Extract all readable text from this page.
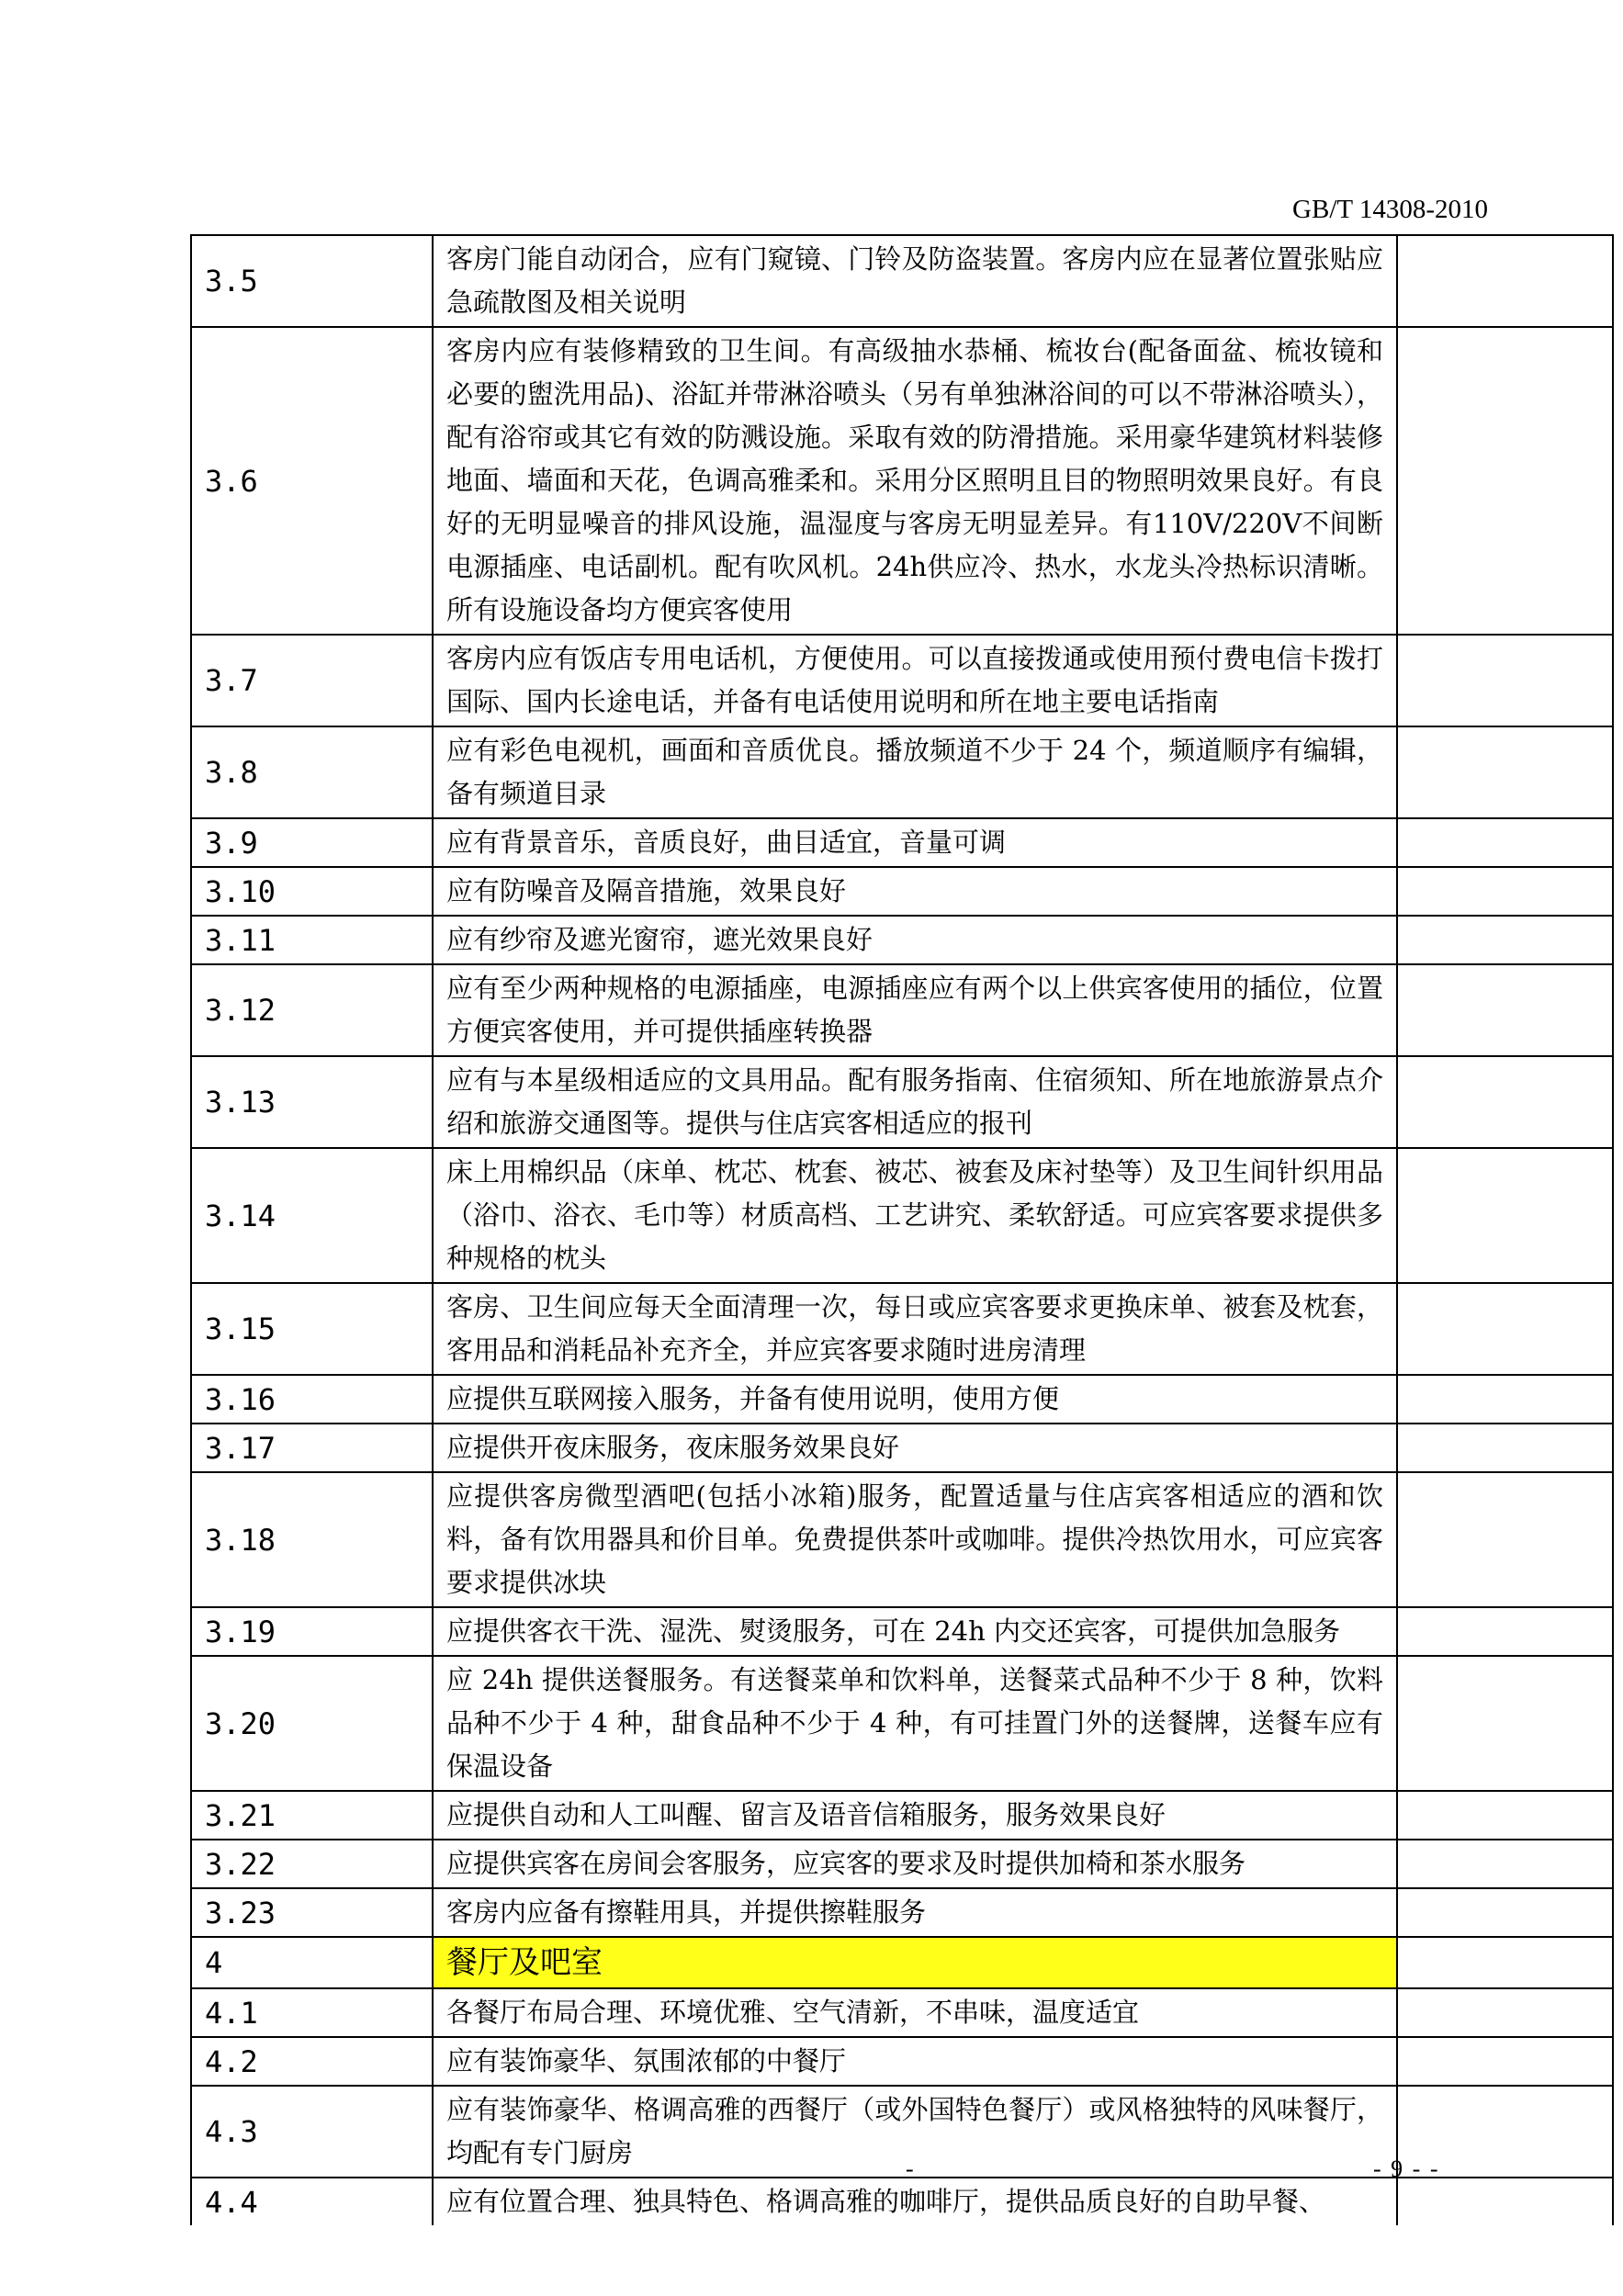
GB/T 14308-2010
3.5	客房门能自动闭合，应有门窥镜、门铃及防盗装置。客房内应在显著位置张贴应急疏散图及相关说明	
3.6	客房内应有装修精致的卫生间。有高级抽水恭桶、梳妆台(配备面盆、梳妆镜和必要的盥洗用品)、浴缸并带淋浴喷头（另有单独淋浴间的可以不带淋浴喷头），配有浴帘或其它有效的防溅设施。采取有效的防滑措施。采用豪华建筑材料装修地面、墙面和天花，色调高雅柔和。采用分区照明且目的物照明效果良好。有良好的无明显噪音的排风设施，温湿度与客房无明显差异。有110V/220V不间断电源插座、电话副机。配有吹风机。24h供应冷、热水，水龙头冷热标识清晰。所有设施设备均方便宾客使用	
3.7	客房内应有饭店专用电话机，方便使用。可以直接拨通或使用预付费电信卡拨打国际、国内长途电话，并备有电话使用说明和所在地主要电话指南	
3.8	应有彩色电视机，画面和音质优良。播放频道不少于 24 个，频道顺序有编辑，备有频道目录	
3.9	应有背景音乐，音质良好，曲目适宜，音量可调	
3.10	应有防噪音及隔音措施，效果良好	
3.11	应有纱帘及遮光窗帘，遮光效果良好	
3.12	应有至少两种规格的电源插座，电源插座应有两个以上供宾客使用的插位，位置方便宾客使用，并可提供插座转换器	
3.13	应有与本星级相适应的文具用品。配有服务指南、住宿须知、所在地旅游景点介绍和旅游交通图等。提供与住店宾客相适应的报刊	
3.14	床上用棉织品（床单、枕芯、枕套、被芯、被套及床衬垫等）及卫生间针织用品（浴巾、浴衣、毛巾等）材质高档、工艺讲究、柔软舒适。可应宾客要求提供多种规格的枕头	
3.15	客房、卫生间应每天全面清理一次，每日或应宾客要求更换床单、被套及枕套，客用品和消耗品补充齐全，并应宾客要求随时进房清理	
3.16	应提供互联网接入服务，并备有使用说明，使用方便	
3.17	应提供开夜床服务，夜床服务效果良好	
3.18	应提供客房微型酒吧(包括小冰箱)服务，配置适量与住店宾客相适应的酒和饮料，备有饮用器具和价目单。免费提供茶叶或咖啡。提供冷热饮用水，可应宾客要求提供冰块	
3.19	应提供客衣干洗、湿洗、熨烫服务，可在 24h 内交还宾客，可提供加急服务	
3.20	应 24h 提供送餐服务。有送餐菜单和饮料单，送餐菜式品种不少于 8 种，饮料品种不少于 4 种，甜食品种不少于 4 种，有可挂置门外的送餐牌，送餐车应有保温设备	
3.21	应提供自动和人工叫醒、留言及语音信箱服务，服务效果良好	
3.22	应提供宾客在房间会客服务，应宾客的要求及时提供加椅和茶水服务	
3.23	客房内应备有擦鞋用具，并提供擦鞋服务	
4	餐厅及吧室	
4.1	各餐厅布局合理、环境优雅、空气清新，不串味，温度适宜	
4.2	应有装饰豪华、氛围浓郁的中餐厅	
4.3	应有装饰豪华、格调高雅的西餐厅（或外国特色餐厅）或风格独特的风味餐厅，均配有专门厨房	
4.4	应有位置合理、独具特色、格调高雅的咖啡厅，提供品质良好的自助早餐、	
-	- 9 - -
